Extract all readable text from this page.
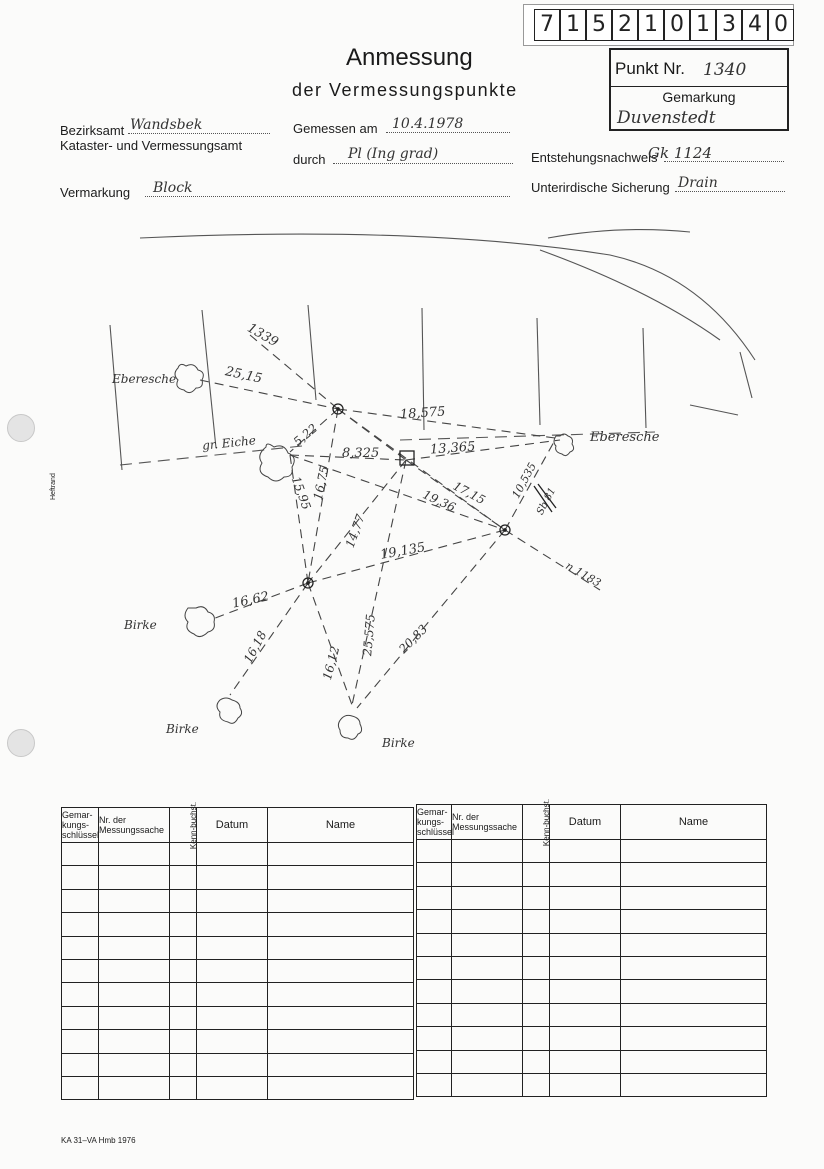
7 1 5 2 1 0 1 3 4 0
Anmessung
der Vermessungspunkte
Punkt Nr. 1340
Gemarkung
Duvenstedt
Bezirksamt Wandsbek
Kataster- und Vermessungsamt
Gemessen am 10.4.1978
durch Pl (Ing grad)	Entstehungsnachweis
Gk 1124
Vermarkung Block	Unterirdische Sicherung Drain
Heftrand
1339
25,15
Eberesche
gr. Eiche	5,22
18,575
13,365
8,325
Eberesche
15,95
16,75
14,77
19,36
17,15 10,535
Sb 81
19,135
n 1183
16,62
Birke
16,18	16,12
25,575 20,83
Birke
Birke
Gemar-kungs-schlüssel	Nr. der Messungssache	Kenn-buchst.	Datum	Name

Gemar-kungs-schlüssel	Nr. der Messungssache	Kenn-buchst.	Datum	Name

KA 31–VA Hmb 1976
